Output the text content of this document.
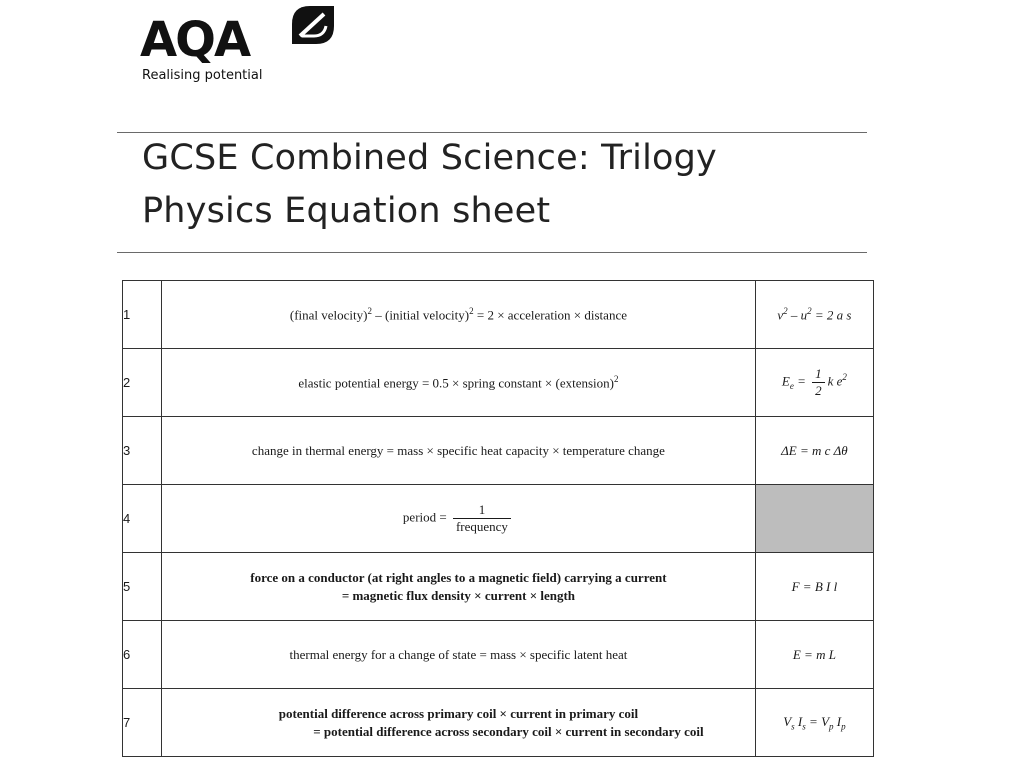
AQA
Realising potential
GCSE Combined Science: Trilogy
Physics Equation sheet
1	(final velocity)$^2$ – (initial velocity)$^2$ = 2 × acceleration × distance	$v^2 - u^2 = 2$ a s
2	elastic potential energy = 0.5 × spring constant × (extension)$^2$	$E_e = \frac{1}{2}$ k $e^2$
3	change in thermal energy = mass × specific heat capacity × temperature change	ΔE = m c Δθ
4	period = $\frac{1}{\text{frequency}}$

5	force on a conductor (at right angles to a magnetic field) carrying a current
= magnetic flux density × current × length	F = B I l
6	thermal energy for a change of state = mass × specific latent heat	E = m L
7	potential difference across primary coil × current in primary coil
= potential difference across secondary coil × current in secondary coil	$V_s$ $I_s = V_p$ $I_p$
